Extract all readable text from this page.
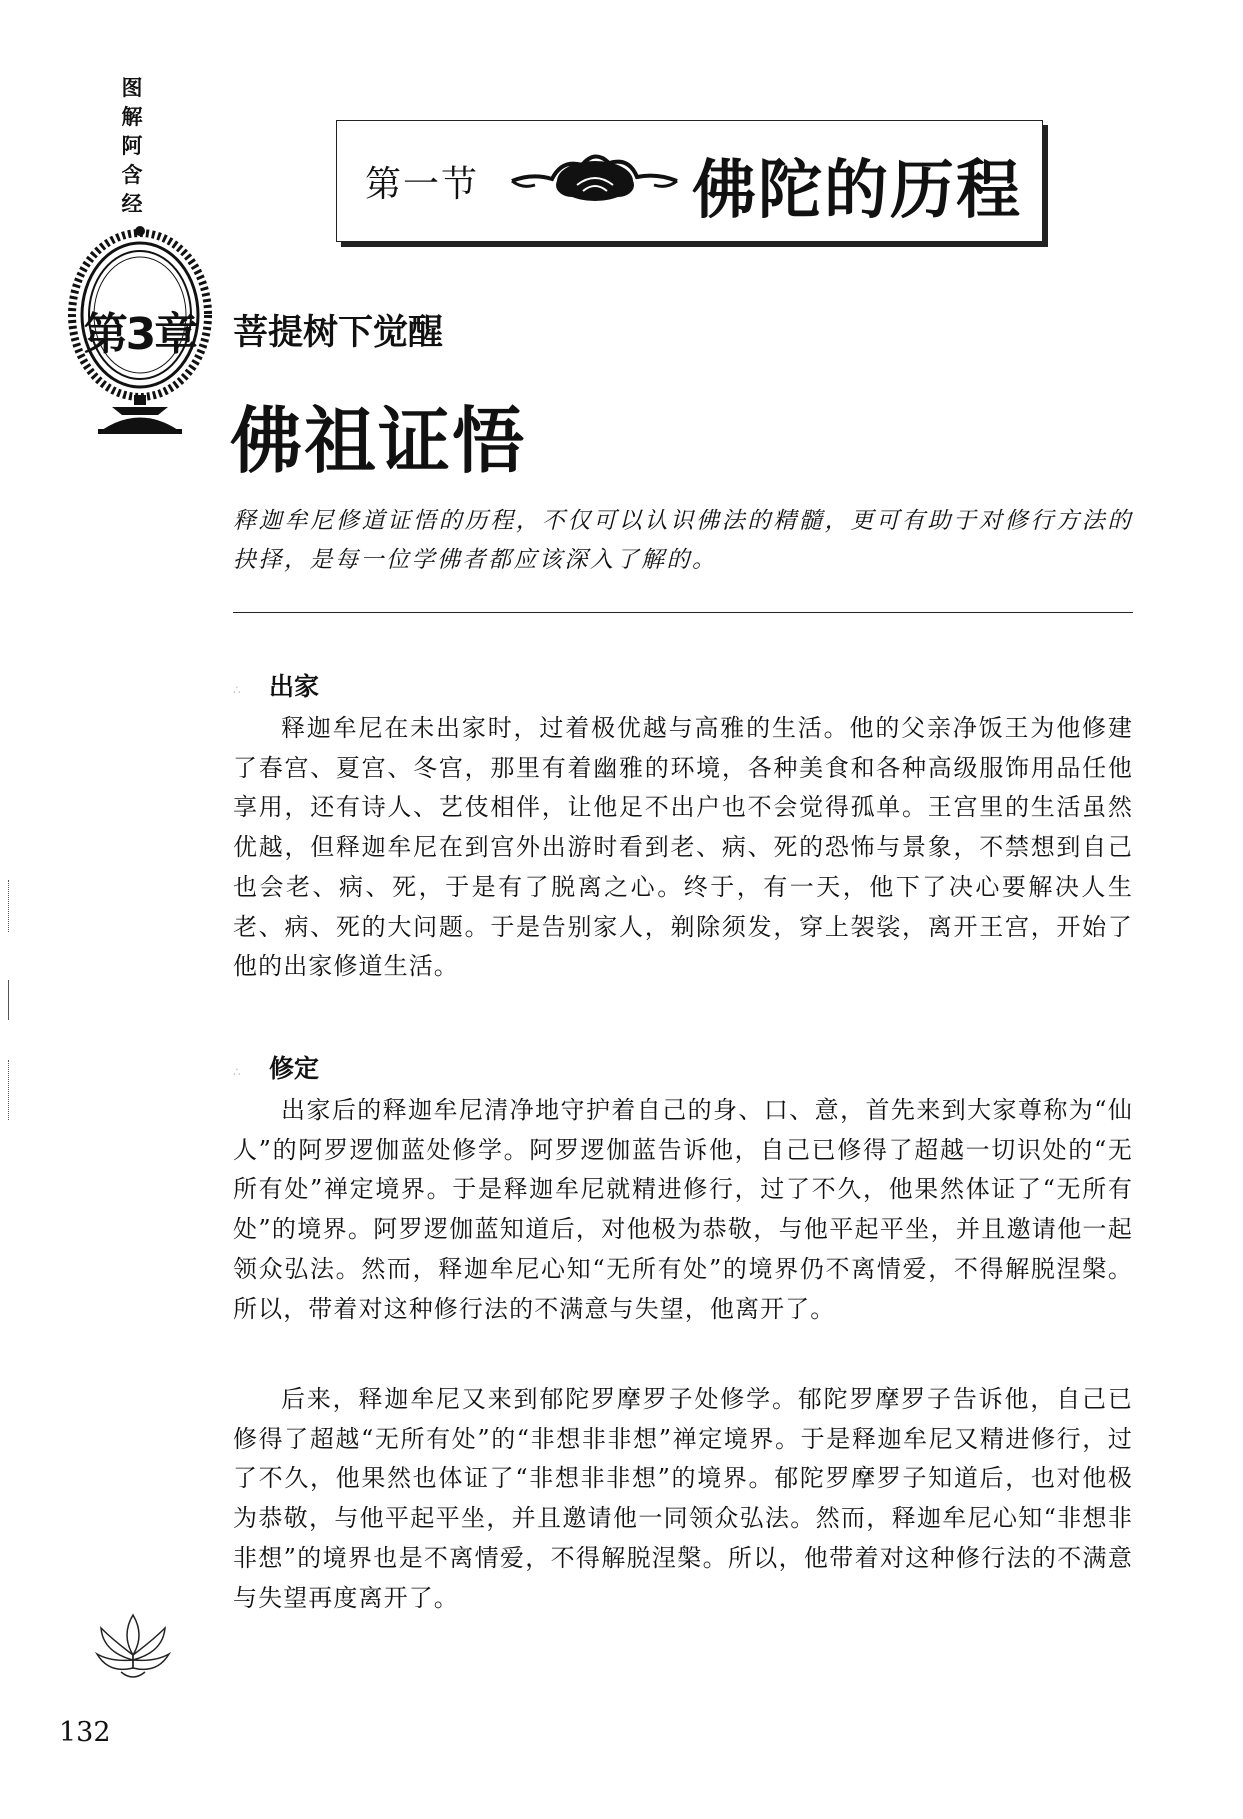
图解阿含经
第3章
第一节	佛陀的历程
菩提树下觉醒
佛祖证悟

释迦牟尼修道证悟的历程，不仅可以认识佛法的精髓，更可有助于对修行方法的抉择，是每一位学佛者都应该深入了解的。

∴ 出家

释迦牟尼在未出家时，过着极优越与高雅的生活。他的父亲净饭王为他修建了春宫、夏宫、冬宫，那里有着幽雅的环境，各种美食和各种高级服饰用品任他享用，还有诗人、艺伎相伴，让他足不出户也不会觉得孤单。王宫里的生活虽然优越，但释迦牟尼在到宫外出游时看到老、病、死的恐怖与景象，不禁想到自己也会老、病、死，于是有了脱离之心。终于，有一天，他下了决心要解决人生老、病、死的大问题。于是告别家人，剃除须发，穿上袈裟，离开王宫，开始了他的出家修道生活。

∴ 修定

出家后的释迦牟尼清净地守护着自己的身、口、意，首先来到大家尊称为“仙人”的阿罗逻伽蓝处修学。阿罗逻伽蓝告诉他，自己已修得了超越一切识处的“无所有处”禅定境界。于是释迦牟尼就精进修行，过了不久，他果然体证了“无所有处”的境界。阿罗逻伽蓝知道后，对他极为恭敬，与他平起平坐，并且邀请他一起领众弘法。然而，释迦牟尼心知“无所有处”的境界仍不离情爱，不得解脱涅槃。所以，带着对这种修行法的不满意与失望，他离开了。

后来，释迦牟尼又来到郁陀罗摩罗子处修学。郁陀罗摩罗子告诉他，自己已修得了超越“无所有处”的“非想非非想”禅定境界。于是释迦牟尼又精进修行，过了不久，他果然也体证了“非想非非想”的境界。郁陀罗摩罗子知道后，也对他极为恭敬，与他平起平坐，并且邀请他一同领众弘法。然而，释迦牟尼心知“非想非非想”的境界也是不离情爱，不得解脱涅槃。所以，他带着对这种修行法的不满意与失望再度离开了。

132
